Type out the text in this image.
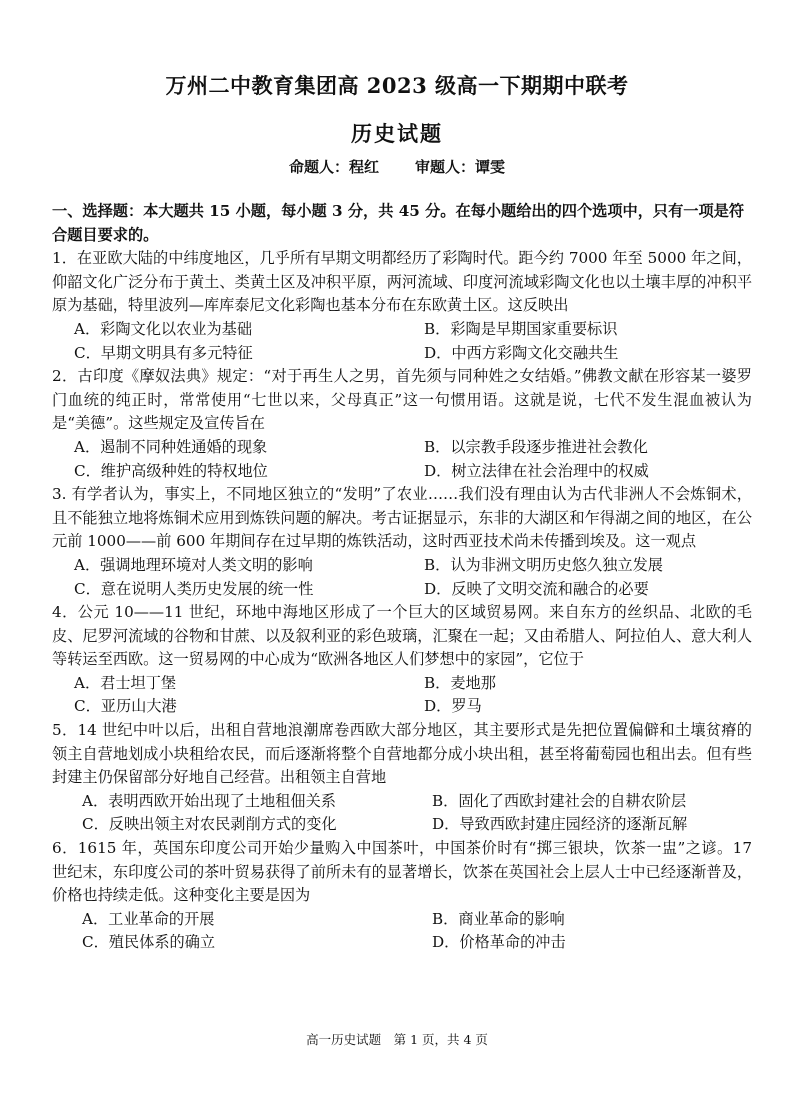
万州二中教育集团高 2023 级高一下期期中联考
历史试题
命题人：程红 审题人：谭雯

一、选择题：本大题共 15 小题，每小题 3 分，共 45 分。在每小题给出的四个选项中，只有一项是符合题目要求的。

1．在亚欧大陆的中纬度地区，几乎所有早期文明都经历了彩陶时代。距今约 7000 年至 5000 年之间，仰韶文化广泛分布于黄土、类黄土区及冲积平原，两河流域、印度河流域彩陶文化也以土壤丰厚的冲积平原为基础，特里波列—库库泰尼文化彩陶也基本分布在东欧黄土区。这反映出

A．彩陶文化以农业为基础	B．彩陶是早期国家重要标识
C．早期文明具有多元特征	D．中西方彩陶文化交融共生

2．古印度《摩奴法典》规定：“对于再生人之男，首先须与同种姓之女结婚。”佛教文献在形容某一婆罗门血统的纯正时，常常使用“七世以来，父母真正”这一句惯用语。这就是说，七代不发生混血被认为是“美德”。这些规定及宣传旨在

A．遏制不同种姓通婚的现象	B．以宗教手段逐步推进社会教化
C．维护高级种姓的特权地位	D．树立法律在社会治理中的权威

3. 有学者认为，事实上，不同地区独立的“发明”了农业……我们没有理由认为古代非洲人不会炼铜术，且不能独立地将炼铜术应用到炼铁问题的解决。考古证据显示，东非的大湖区和乍得湖之间的地区，在公元前 1000——前 600 年期间存在过早期的炼铁活动，这时西亚技术尚未传播到埃及。这一观点

A．强调地理环境对人类文明的影响	B．认为非洲文明历史悠久独立发展
C．意在说明人类历史发展的统一性	D．反映了文明交流和融合的必要

4．公元 10——11 世纪，环地中海地区形成了一个巨大的区域贸易网。来自东方的丝织品、北欧的毛皮、尼罗河流域的谷物和甘蔗、以及叙利亚的彩色玻璃，汇聚在一起；又由希腊人、阿拉伯人、意大利人等转运至西欧。这一贸易网的中心成为“欧洲各地区人们梦想中的家园”，它位于

A．君士坦丁堡	B．麦地那
C．亚历山大港	D．罗马

5．14 世纪中叶以后，出租自营地浪潮席卷西欧大部分地区，其主要形式是先把位置偏僻和土壤贫瘠的领主自营地划成小块租给农民，而后逐渐将整个自营地都分成小块出租，甚至将葡萄园也租出去。但有些封建主仍保留部分好地自己经营。出租领主自营地

A．表明西欧开始出现了土地租佃关系	B．固化了西欧封建社会的自耕农阶层
C．反映出领主对农民剥削方式的变化	D．导致西欧封建庄园经济的逐渐瓦解

6．1615 年，英国东印度公司开始少量购入中国茶叶，中国茶价时有“掷三银块，饮茶一盅”之谚。17 世纪末，东印度公司的茶叶贸易获得了前所未有的显著增长，饮茶在英国社会上层人士中已经逐渐普及，价格也持续走低。这种变化主要是因为

A．工业革命的开展	B．商业革命的影响
C．殖民体系的确立	D．价格革命的冲击
高一历史试题　第 1 页，共 4 页
